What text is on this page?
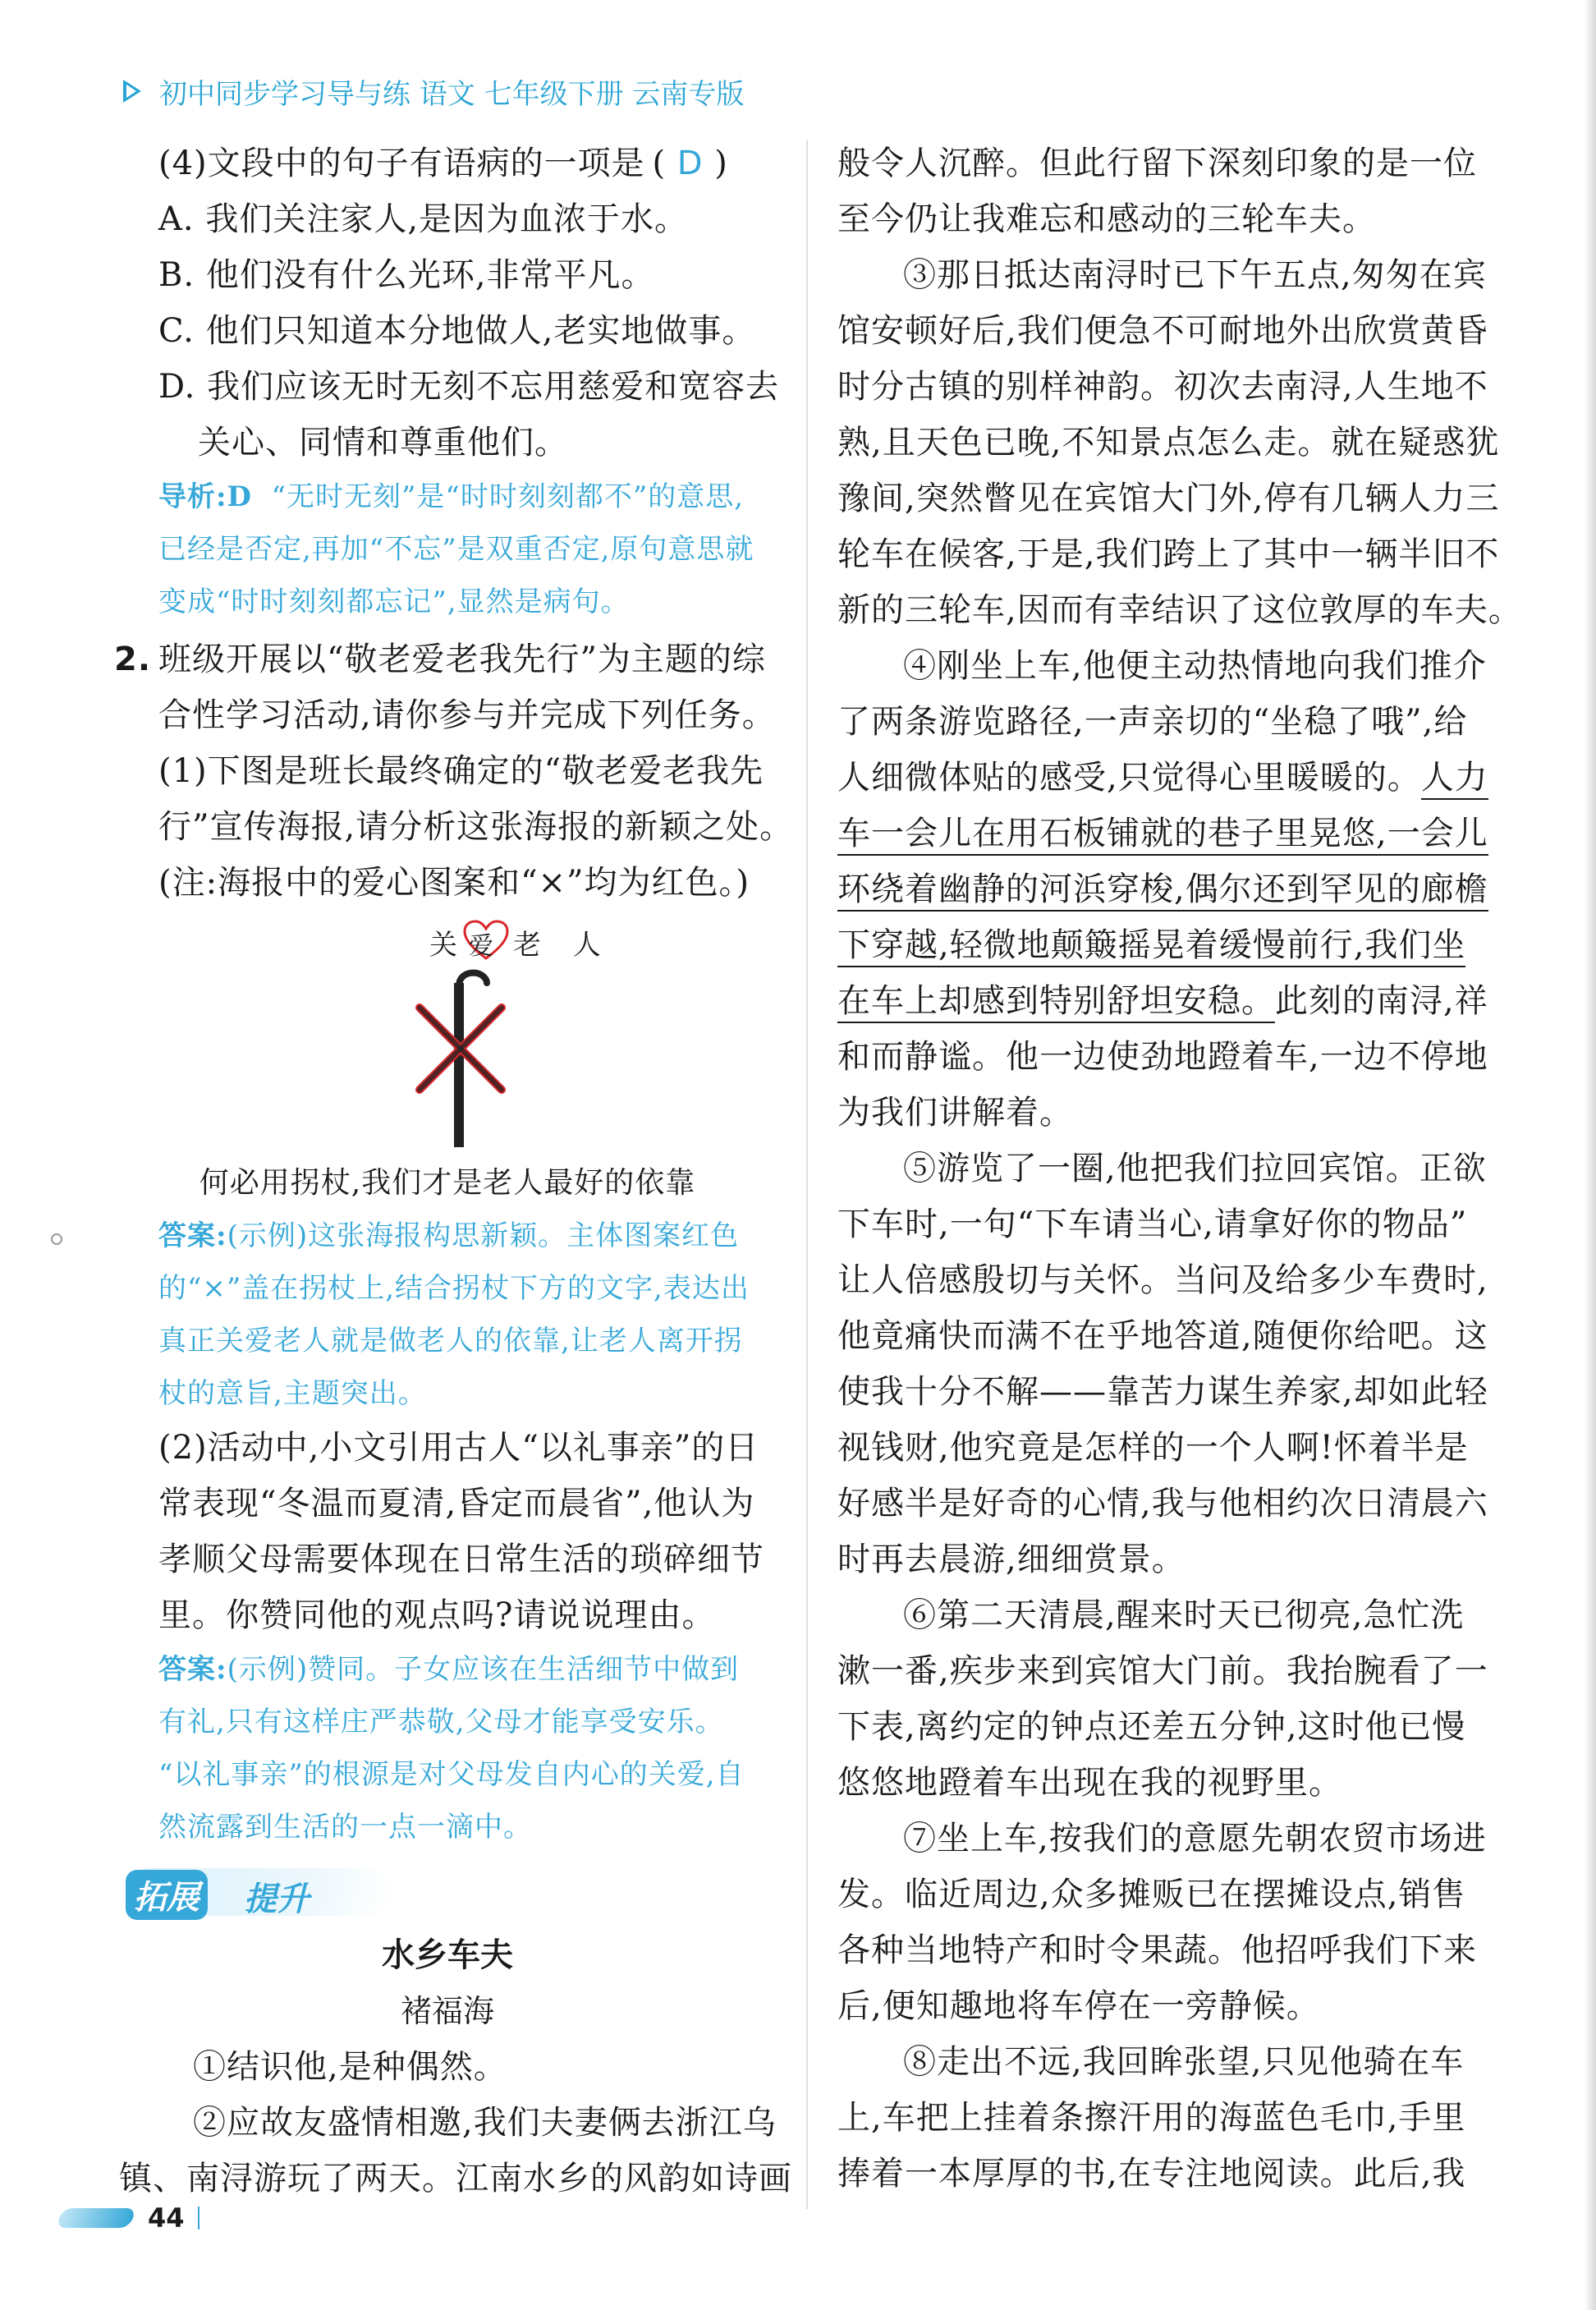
初中同步学习导与练 语文 七年级下册 云南专版
(4)文段中的句子有语病的一项是 ( D )
A. 我们关注家人,是因为血浓于水。
B. 他们没有什么光环,非常平凡。
C. 他们只知道本分地做人,老实地做事。
D. 我们应该无时无刻不忘用慈爱和宽容去
关心、同情和尊重他们。
导析:D “无时无刻”是“时时刻刻都不”的意思,
已经是否定,再加“不忘”是双重否定,原句意思就
变成“时时刻刻都忘记”,显然是病句。
2. 班级开展以“敬老爱老我先行”为主题的综
合性学习活动,请你参与并完成下列任务。
(1)下图是班长最终确定的“敬老爱老我先
行”宣传海报,请分析这张海报的新颖之处。
(注:海报中的爱心图案和“×”均为红色。)
关
爱 老 人
何必用拐杖,我们才是老人最好的依靠
答案:(示例)这张海报构思新颖。主体图案红色
的“×”盖在拐杖上,结合拐杖下方的文字,表达出
真正关爱老人就是做老人的依靠,让老人离开拐
杖的意旨,主题突出。
(2)活动中,小文引用古人“以礼事亲”的日
常表现“冬温而夏清,昏定而晨省”,他认为
孝顺父母需要体现在日常生活的琐碎细节
里。你赞同他的观点吗?请说说理由。
答案:(示例)赞同。子女应该在生活细节中做到
有礼,只有这样庄严恭敬,父母才能享受安乐。
“以礼事亲”的根源是对父母发自内心的关爱,自
然流露到生活的一点一滴中。
拓展 提升
水乡车夫
褚福海
①结识他,是种偶然。
②应故友盛情相邀,我们夫妻俩去浙江乌
镇、南浔游玩了两天。江南水乡的风韵如诗画
般令人沉醉。但此行留下深刻印象的是一位
至今仍让我难忘和感动的三轮车夫。
③那日抵达南浔时已下午五点,匆匆在宾
馆安顿好后,我们便急不可耐地外出欣赏黄昏
时分古镇的别样神韵。初次去南浔,人生地不
熟,且天色已晚,不知景点怎么走。就在疑惑犹
豫间,突然瞥见在宾馆大门外,停有几辆人力三
轮车在候客,于是,我们跨上了其中一辆半旧不
新的三轮车,因而有幸结识了这位敦厚的车夫。
④刚坐上车,他便主动热情地向我们推介
了两条游览路径,一声亲切的“坐稳了哦”,给
人细微体贴的感受,只觉得心里暖暖的。人力
车一会儿在用石板铺就的巷子里晃悠,一会儿
环绕着幽静的河浜穿梭,偶尔还到罕见的廊檐
下穿越,轻微地颠簸摇晃着缓慢前行,我们坐
在车上却感到特别舒坦安稳。此刻的南浔,祥
和而静谧。他一边使劲地蹬着车,一边不停地
为我们讲解着。
⑤游览了一圈,他把我们拉回宾馆。正欲
下车时,一句“下车请当心,请拿好你的物品”
让人倍感殷切与关怀。当问及给多少车费时,
他竟痛快而满不在乎地答道,随便你给吧。这
使我十分不解——靠苦力谋生养家,却如此轻
视钱财,他究竟是怎样的一个人啊!怀着半是
好感半是好奇的心情,我与他相约次日清晨六
时再去晨游,细细赏景。
⑥第二天清晨,醒来时天已彻亮,急忙洗
漱一番,疾步来到宾馆大门前。我抬腕看了一
下表,离约定的钟点还差五分钟,这时他已慢
悠悠地蹬着车出现在我的视野里。
⑦坐上车,按我们的意愿先朝农贸市场进
发。临近周边,众多摊贩已在摆摊设点,销售
各种当地特产和时令果蔬。他招呼我们下来
后,便知趣地将车停在一旁静候。
⑧走出不远,我回眸张望,只见他骑在车
上,车把上挂着条擦汗用的海蓝色毛巾,手里
捧着一本厚厚的书,在专注地阅读。此后,我
44
